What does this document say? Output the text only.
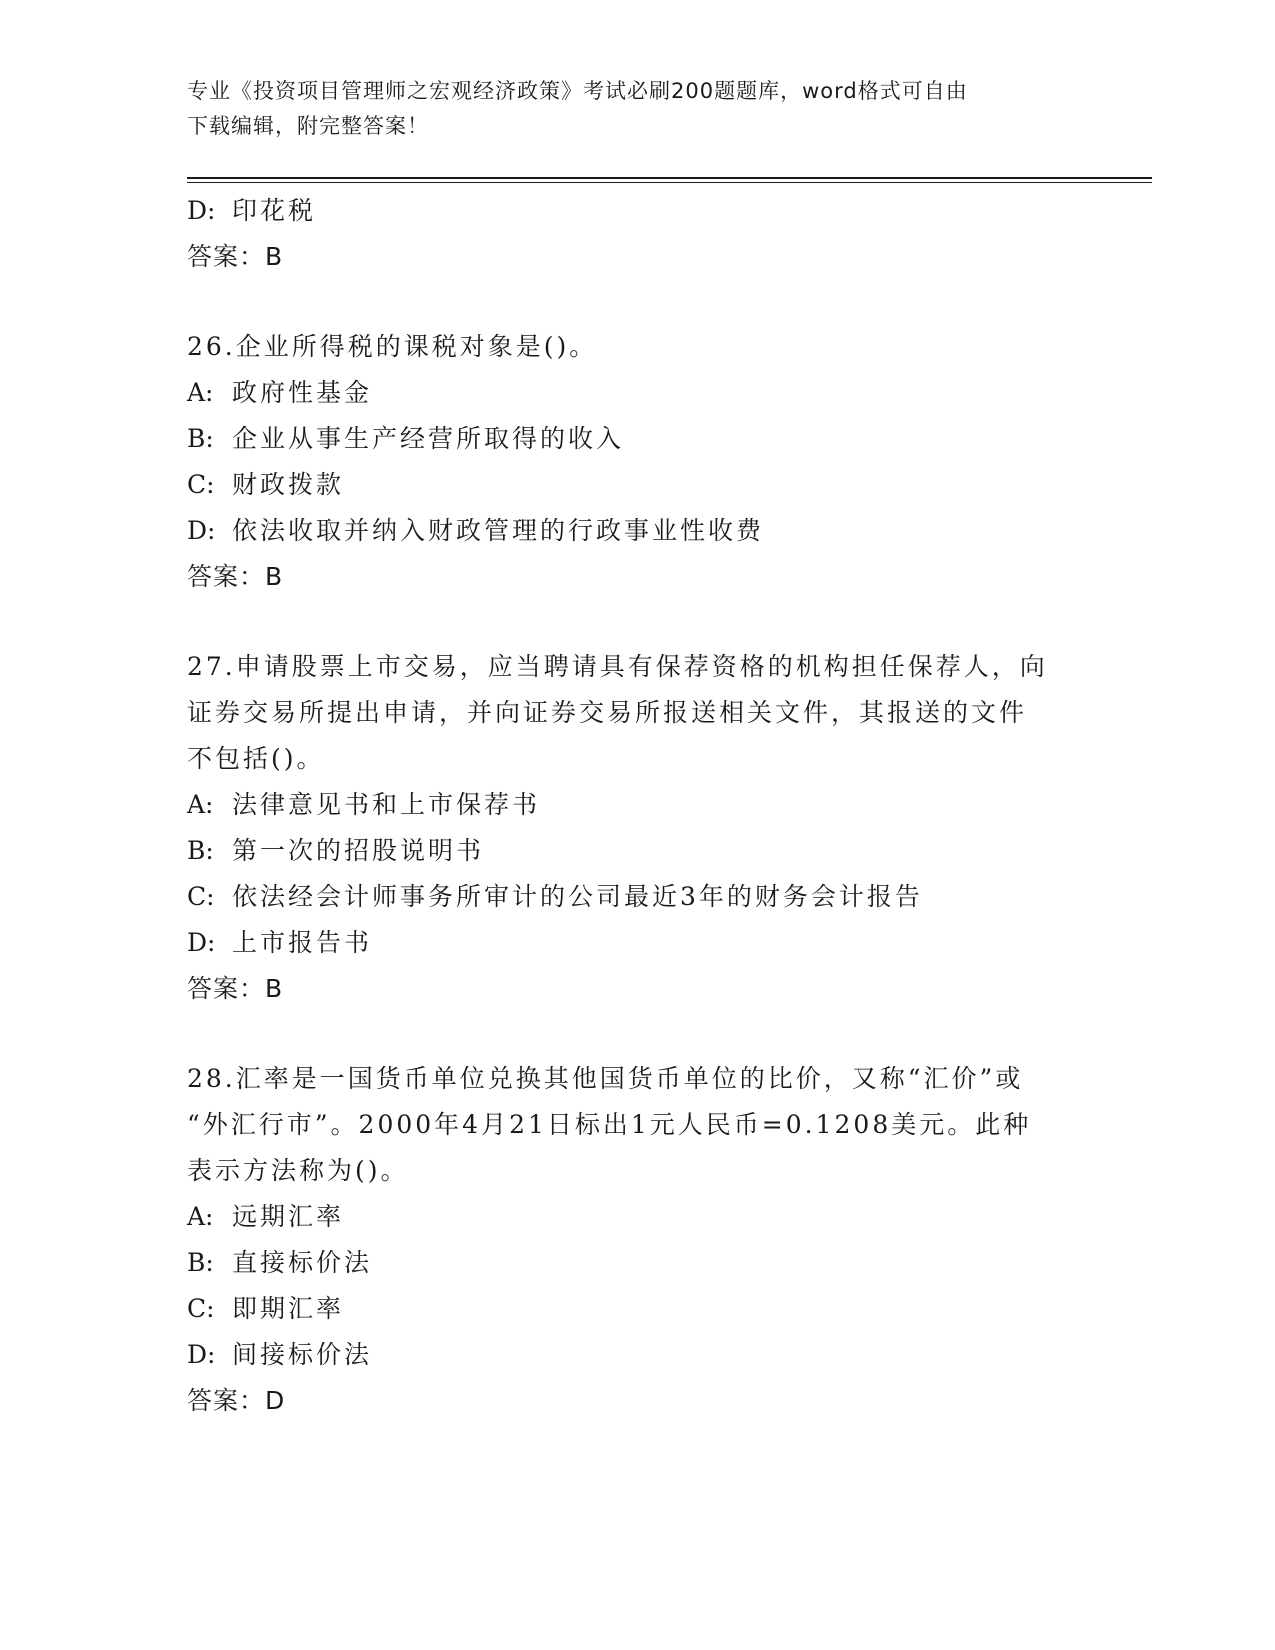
专业《投资项目管理师之宏观经济政策》考试必刷200题题库，word格式可自由
下载编辑，附完整答案！
D: 印花税
答案：B
26.企业所得税的课税对象是()。
A: 政府性基金
B: 企业从事生产经营所取得的收入
C: 财政拨款
D: 依法收取并纳入财政管理的行政事业性收费
答案：B
27.申请股票上市交易，应当聘请具有保荐资格的机构担任保荐人，向
证券交易所提出申请，并向证券交易所报送相关文件，其报送的文件
不包括()。
A: 法律意见书和上市保荐书
B: 第一次的招股说明书
C: 依法经会计师事务所审计的公司最近3年的财务会计报告
D: 上市报告书
答案：B
28.汇率是一国货币单位兑换其他国货币单位的比价，又称“汇价”或
“外汇行市”。2000年4月21日标出1元人民币=0.1208美元。此种
表示方法称为()。
A: 远期汇率
B: 直接标价法
C: 即期汇率
D: 间接标价法
答案：D
